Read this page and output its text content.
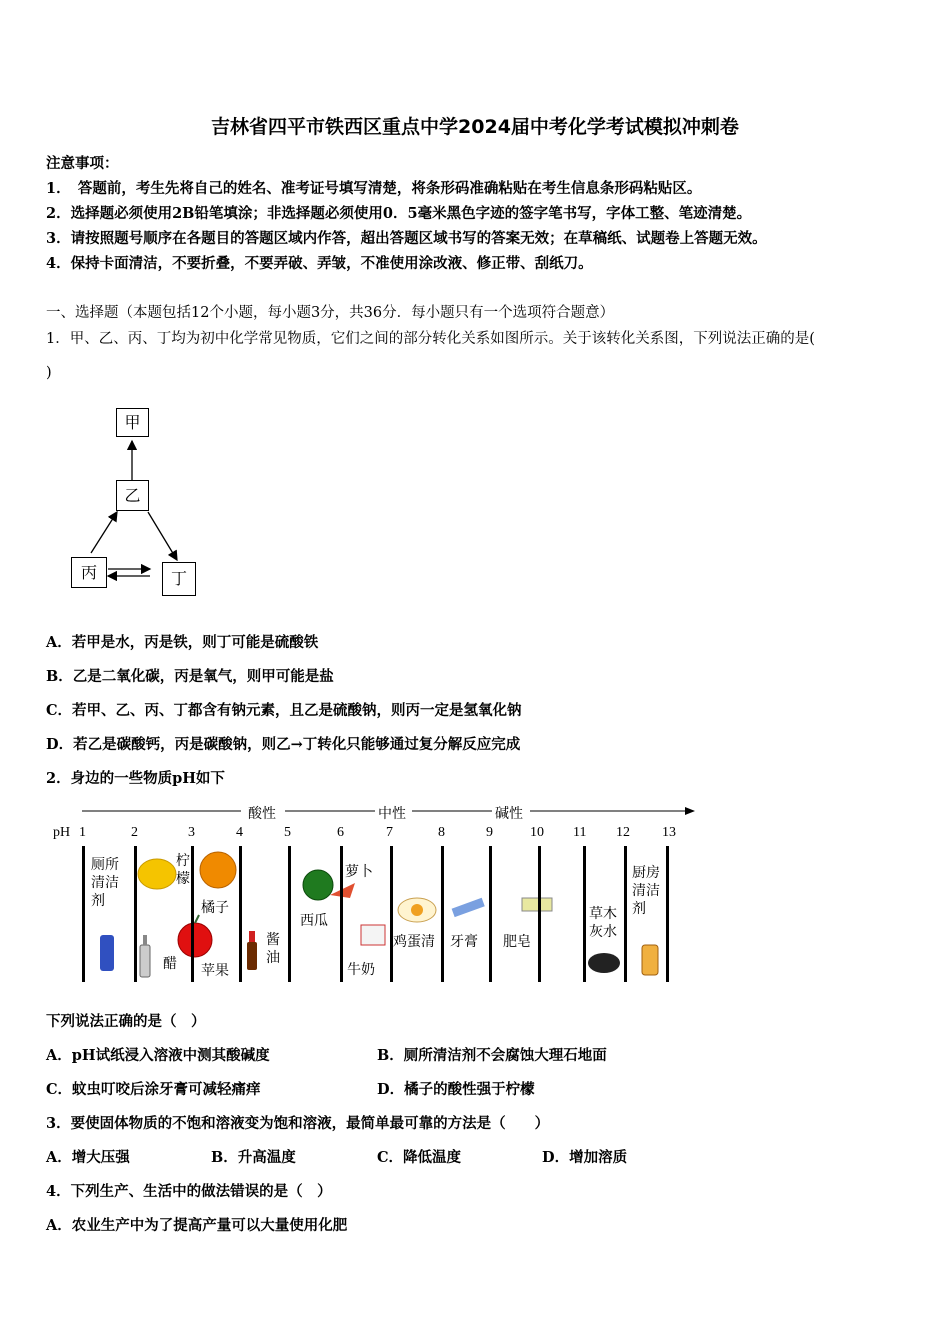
吉林省四平市铁西区重点中学2024届中考化学考试模拟冲刺卷
注意事项：
1．　答题前，考生先将自己的姓名、准考证号填写清楚，将条形码准确粘贴在考生信息条形码粘贴区。
2．选择题必须使用2B铅笔填涂；非选择题必须使用0．5毫米黑色字迹的签字笔书写，字体工整、笔迹清楚。
3．请按照题号顺序在各题目的答题区域内作答，超出答题区域书写的答案无效；在草稿纸、试题卷上答题无效。
4．保持卡面清洁，不要折叠，不要弄破、弄皱，不准使用涂改液、修正带、刮纸刀。
一、选择题（本题包括12个小题，每小题3分，共36分．每小题只有一个选项符合题意）
1．甲、乙、丙、丁均为初中化学常见物质，它们之间的部分转化关系如图所示。关于该转化关系图，下列说法正确的是(
)
甲
乙
丙	丁
A．若甲是水，丙是铁，则丁可能是硫酸铁
B．乙是二氧化碳，丙是氧气，则甲可能是盐
C．若甲、乙、丙、丁都含有钠元素，且乙是硫酸钠，则丙一定是氢氧化钠
D．若乙是碳酸钙，丙是碳酸钠，则乙→丁转化只能够通过复分解反应完成
2．身边的一些物质pH如下
酸性	中性	碱性
pH 1	2	3	4	5	6	7	8	9	10 11 12 13
厕所清洁剂
柠檬
橘子
醋 苹果
酱油
西瓜
萝卜
牛奶
鸡蛋清 牙膏 肥皂
草木灰水
厨房清洁剂
下列说法正确的是（　）
A．pH试纸浸入溶液中测其酸碱度	B．厕所清洁剂不会腐蚀大理石地面
C．蚊虫叮咬后涂牙膏可减轻痛痒	D．橘子的酸性强于柠檬
3．要使固体物质的不饱和溶液变为饱和溶液，最简单最可靠的方法是（　　）
A．增大压强	B．升高温度	C．降低温度	D．增加溶质
4．下列生产、生活中的做法错误的是（　）
A．农业生产中为了提高产量可以大量使用化肥
